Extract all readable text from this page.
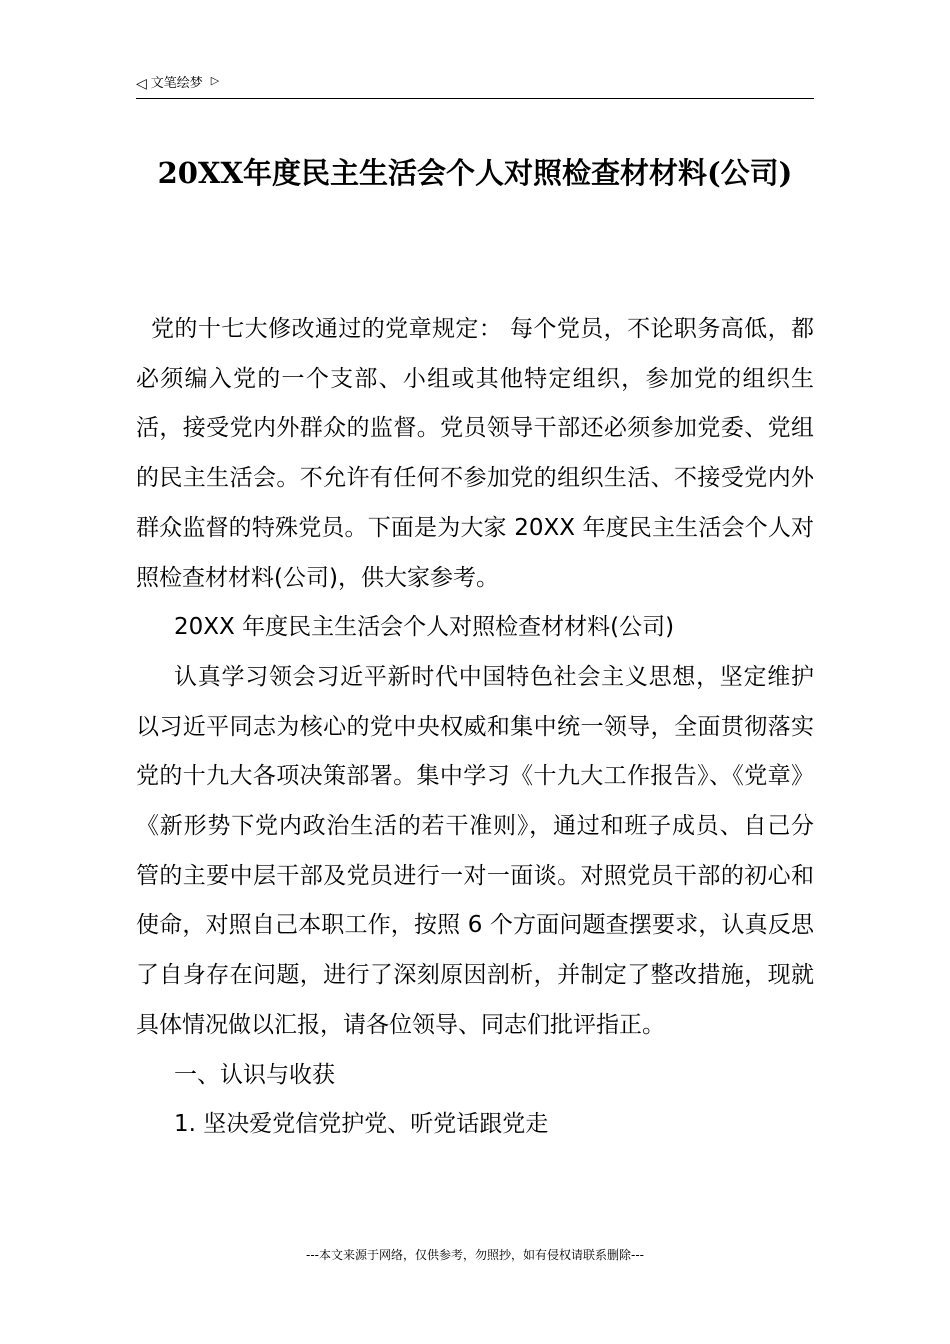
◁ 文笔绘梦 ▷
20XX年度民主生活会个人对照检查材材料(公司)

党的十七大修改通过的党章规定： 每个党员，不论职务高低，都必须编入党的一个支部、小组或其他特定组织，参加党的组织生活，接受党内外群众的监督。党员领导干部还必须参加党委、党组的民主生活会。不允许有任何不参加党的组织生活、不接受党内外群众监督的特殊党员。下面是为大家 20XX 年度民主生活会个人对照检查材材料(公司)，供大家参考。

20XX 年度民主生活会个人对照检查材材料(公司)

认真学习领会习近平新时代中国特色社会主义思想，坚定维护以习近平同志为核心的党中央权威和集中统一领导，全面贯彻落实党的十九大各项决策部署。集中学习《十九大工作报告》、《党章》《新形势下党内政治生活的若干准则》，通过和班子成员、自己分管的主要中层干部及党员进行一对一面谈。对照党员干部的初心和使命，对照自己本职工作，按照 6 个方面问题查摆要求，认真反思了自身存在问题，进行了深刻原因剖析，并制定了整改措施，现就具体情况做以汇报，请各位领导、同志们批评指正。

一、认识与收获

1. 坚决爱党信党护党、听党话跟党走

---本文来源于网络，仅供参考，勿照抄，如有侵权请联系删除---
